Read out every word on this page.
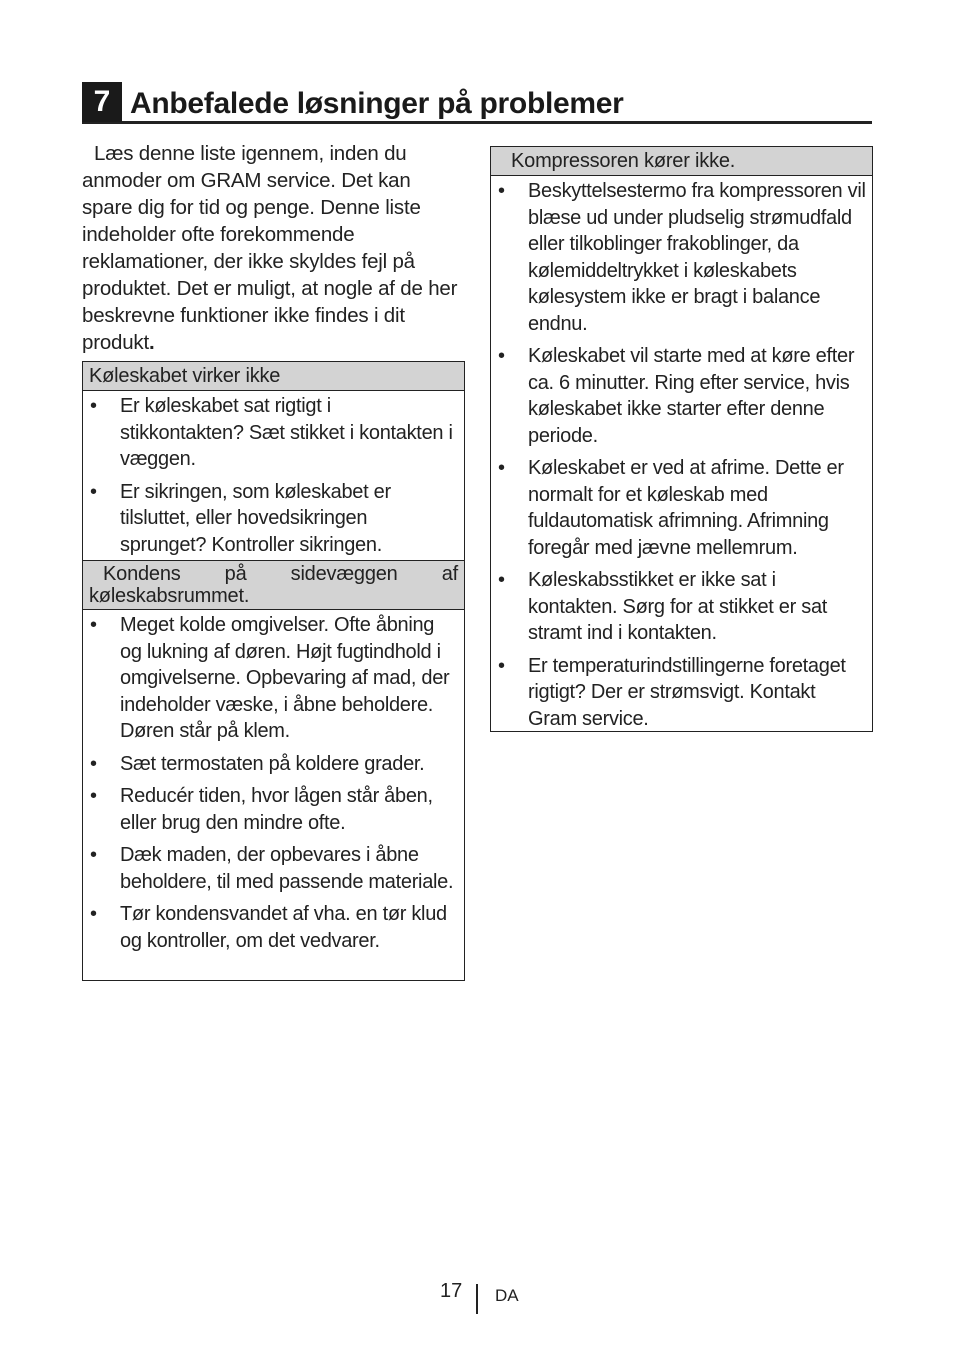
7 Anbefalede løsninger på problemer

Læs denne liste igennem, inden du anmoder om GRAM service. Det kan spare dig for tid og penge. Denne liste indeholder ofte forekommende reklamationer, der ikke skyldes fejl på produktet. Det er muligt, at nogle af de her beskrevne funktioner ikke findes i dit produkt.

Køleskabet virker ikke
• Er køleskabet sat rigtigt i stikkontakten? Sæt stikket i kontakten i væggen.
• Er sikringen, som køleskabet er tilsluttet, eller hovedsikringen sprunget? Kontroller sikringen.
Kondens på sidevæggen af
køleskabsrummet.
• Meget kolde omgivelser. Ofte åbning og lukning af døren. Højt fugtindhold i omgivelserne. Opbevaring af mad, der indeholder væske, i åbne beholdere. Døren står på klem.
• Sæt termostaten på koldere grader.
• Reducér tiden, hvor lågen står åben, eller brug den mindre ofte.
• Dæk maden, der opbevares i åbne beholdere, til med passende materiale.
• Tør kondensvandet af vha. en tør klud og kontroller, om det vedvarer.
Kompressoren kører ikke.
• Beskyttelsestermo fra kompressoren vil blæse ud under pludselig strømudfald eller tilkoblinger frakoblinger, da kølemiddeltrykket i køleskabets kølesystem ikke er bragt i balance endnu.
• Køleskabet vil starte med at køre efter ca. 6 minutter. Ring efter service, hvis køleskabet ikke starter efter denne periode.
• Køleskabet er ved at afrime. Dette er normalt for et køleskab med fuldautomatisk afrimning. Afrimning foregår med jævne mellemrum.
• Køleskabsstikket er ikke sat i kontakten. Sørg for at stikket er sat stramt ind i kontakten.
• Er temperaturindstillingerne foretaget rigtigt? Der er strømsvigt. Kontakt Gram service.
17 DA
